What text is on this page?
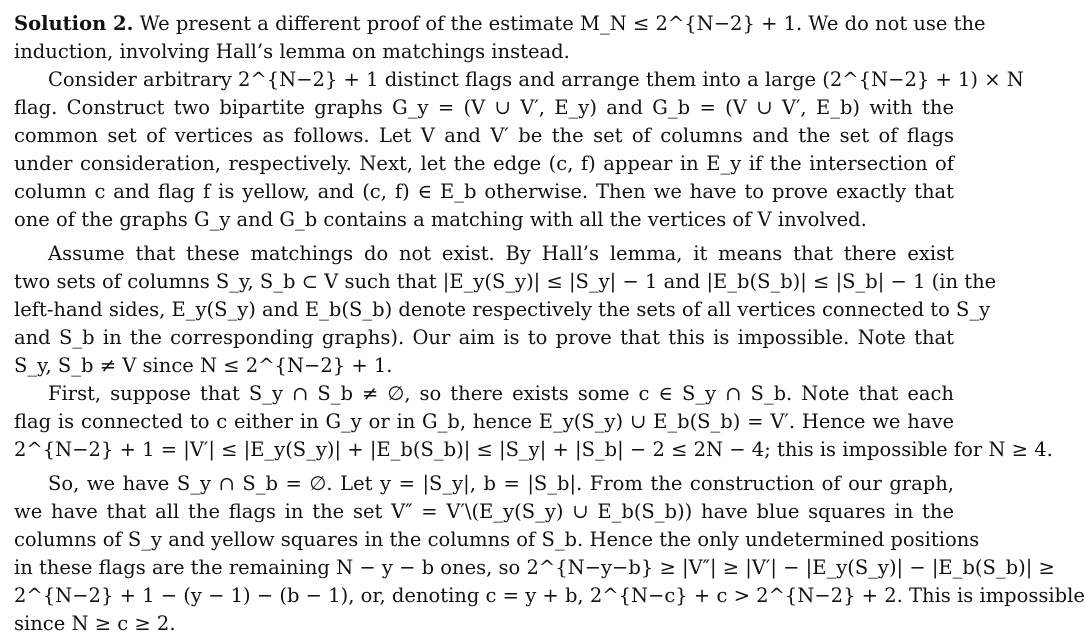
Solution 2. We present a different proof of the estimate M_N ≤ 2^{N−2} + 1. We do not use the
induction, involving Hall’s lemma on matchings instead.
Consider arbitrary 2^{N−2} + 1 distinct flags and arrange them into a large (2^{N−2} + 1) × N
flag. Construct two bipartite graphs G_y = (V ∪ V′, E_y) and G_b = (V ∪ V′, E_b) with the
common set of vertices as follows. Let V and V′ be the set of columns and the set of flags
under consideration, respectively. Next, let the edge (c, f) appear in E_y if the intersection of
column c and flag f is yellow, and (c, f) ∈ E_b otherwise. Then we have to prove exactly that
one of the graphs G_y and G_b contains a matching with all the vertices of V involved.
Assume that these matchings do not exist. By Hall’s lemma, it means that there exist
two sets of columns S_y, S_b ⊂ V such that |E_y(S_y)| ≤ |S_y| − 1 and |E_b(S_b)| ≤ |S_b| − 1 (in the
left-hand sides, E_y(S_y) and E_b(S_b) denote respectively the sets of all vertices connected to S_y
and S_b in the corresponding graphs). Our aim is to prove that this is impossible. Note that
S_y, S_b ≠ V since N ≤ 2^{N−2} + 1.
First, suppose that S_y ∩ S_b ≠ ∅, so there exists some c ∈ S_y ∩ S_b. Note that each
flag is connected to c either in G_y or in G_b, hence E_y(S_y) ∪ E_b(S_b) = V′. Hence we have
2^{N−2} + 1 = |V′| ≤ |E_y(S_y)| + |E_b(S_b)| ≤ |S_y| + |S_b| − 2 ≤ 2N − 4; this is impossible for N ≥ 4.
So, we have S_y ∩ S_b = ∅. Let y = |S_y|, b = |S_b|. From the construction of our graph,
we have that all the flags in the set V″ = V′\(E_y(S_y) ∪ E_b(S_b)) have blue squares in the
columns of S_y and yellow squares in the columns of S_b. Hence the only undetermined positions
in these flags are the remaining N − y − b ones, so 2^{N−y−b} ≥ |V″| ≥ |V′| − |E_y(S_y)| − |E_b(S_b)| ≥
2^{N−2} + 1 − (y − 1) − (b − 1), or, denoting c = y + b, 2^{N−c} + c > 2^{N−2} + 2. This is impossible
since N ≥ c ≥ 2.
